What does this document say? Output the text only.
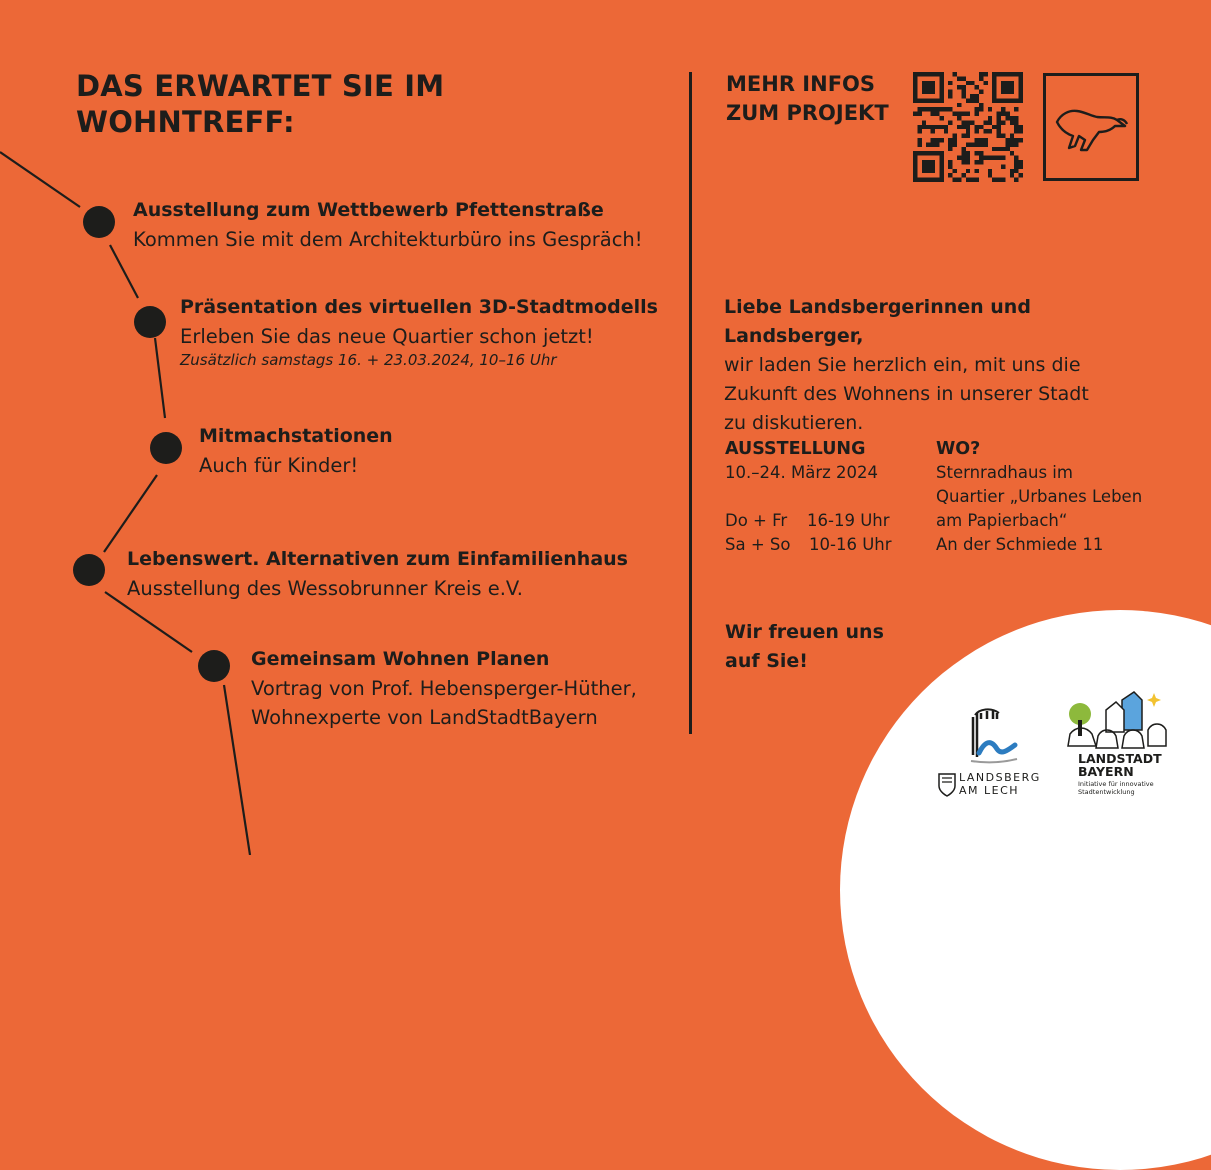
DAS ERWARTET SIE IM
WOHNTREFF:
Ausstellung zum Wettbewerb Pfettenstraße
Kommen Sie mit dem Architekturbüro ins Gespräch!
Präsentation des virtuellen 3D-Stadtmodells
Erleben Sie das neue Quartier schon jetzt!
Zusätzlich samstags 16. + 23.03.2024, 10–16 Uhr
Mitmachstationen
Auch für Kinder!
Lebenswert. Alternativen zum Einfamilienhaus
Ausstellung des Wessobrunner Kreis e.V.
Gemeinsam Wohnen Planen
Vortrag von Prof. Hebensperger-Hüther,
Wohnexperte von LandStadtBayern
MEHR INFOS
ZUM PROJEKT
Liebe Landsbergerinnen und Landsberger,
wir laden Sie herzlich ein, mit uns die
Zukunft des Wohnens in unserer Stadt
zu diskutieren.
AUSSTELLUNG
10.–24. März 2024
Do + Fr 16-19 Uhr
Sa + So 10-16 Uhr
WO?
Sternradhaus im
Quartier „Urbanes Leben
am Papierbach“
An der Schmiede 11
Wir freuen uns
auf Sie!
LANDSBERG
AM LECH
LANDSTADT
BAYERN
Initiative für innovative
Stadtentwicklung
